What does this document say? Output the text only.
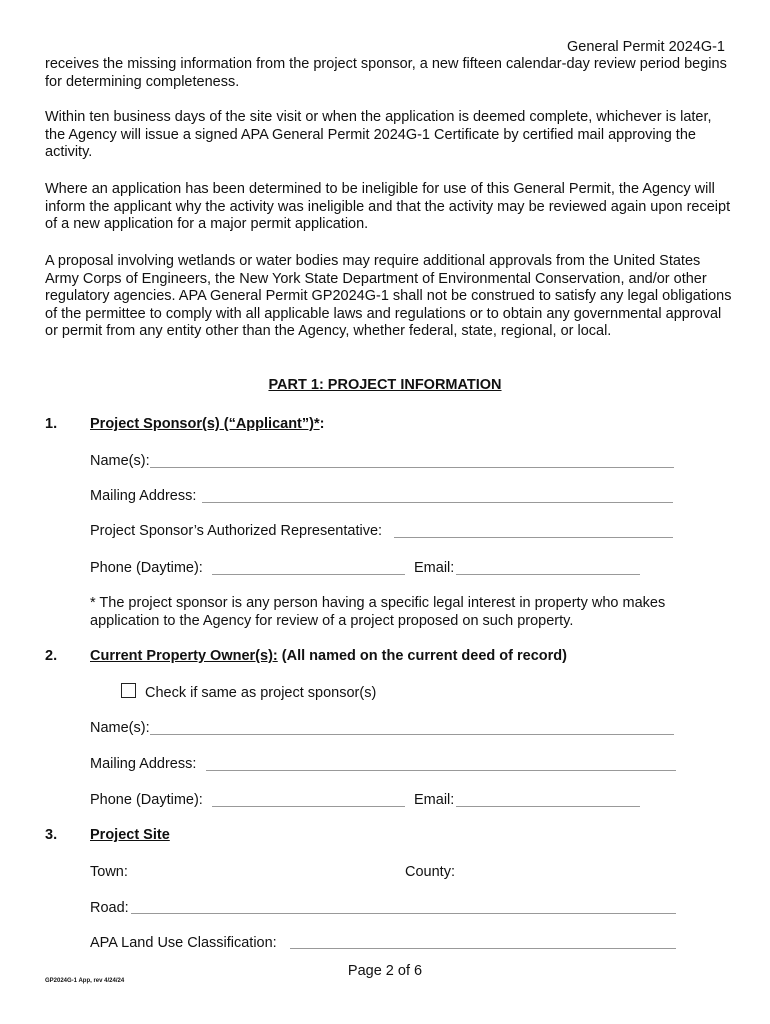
General Permit 2024G-1

receives the missing information from the project sponsor, a new fifteen calendar-day review period begins for determining completeness.

Within ten business days of the site visit or when the application is deemed complete, whichever is later, the Agency will issue a signed APA General Permit 2024G-1 Certificate by certified mail approving the activity.

Where an application has been determined to be ineligible for use of this General Permit, the Agency will inform the applicant why the activity was ineligible and that the activity may be reviewed again upon receipt of a new application for a major permit application.

A proposal involving wetlands or water bodies may require additional approvals from the United States Army Corps of Engineers, the New York State Department of Environmental Conservation, and/or other regulatory agencies. APA General Permit GP2024G-1 shall not be construed to satisfy any legal obligations of the permittee to comply with all applicable laws and regulations or to obtain any governmental approval or permit from any entity other than the Agency, whether federal, state, regional, or local.

PART 1: PROJECT INFORMATION
1. Project Sponsor(s) (“Applicant”)*:
Name(s):
Mailing Address:
Project Sponsor’s Authorized Representative:
Phone (Daytime):	Email:

* The project sponsor is any person having a specific legal interest in property who makes application to the Agency for review of a project proposed on such property.

2. Current Property Owner(s): (All named on the current deed of record)
Check if same as project sponsor(s)
Name(s):
Mailing Address:
Phone (Daytime):	Email:
3. Project Site
Town:	County:
Road:
APA Land Use Classification:
Page 2 of 6
GP2024G-1 App, rev 4/24/24
